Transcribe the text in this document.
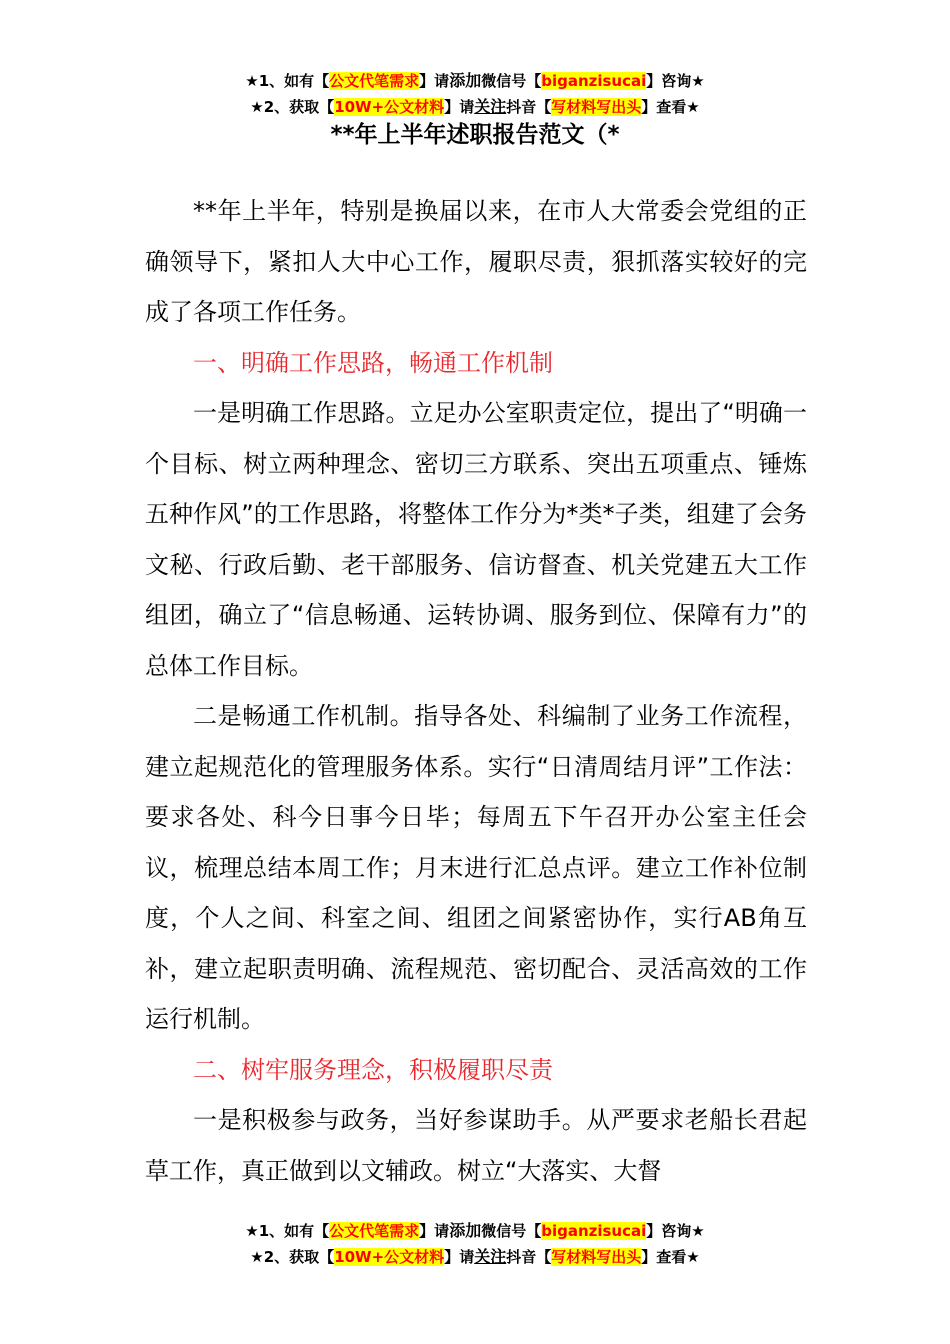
★1、如有【公文代笔需求】请添加微信号【biganzisucai】咨询★
★2、获取【10W+公文材料】请关注抖音【写材料写出头】查看★
**年上半年述职报告范文（*

**年上半年，特别是换届以来，在市人大常委会党组的正确领导下，紧扣人大中心工作，履职尽责，狠抓落实较好的完成了各项工作任务。

一、明确工作思路，畅通工作机制

一是明确工作思路。立足办公室职责定位，提出了“明确一个目标、树立两种理念、密切三方联系、突出五项重点、锤炼五种作风”的工作思路，将整体工作分为*类*子类，组建了会务文秘、行政后勤、老干部服务、信访督查、机关党建五大工作组团，确立了“信息畅通、运转协调、服务到位、保障有力”的总体工作目标。

二是畅通工作机制。指导各处、科编制了业务工作流程，建立起规范化的管理服务体系。实行“日清周结月评”工作法：要求各处、科今日事今日毕；每周五下午召开办公室主任会议，梳理总结本周工作；月末进行汇总点评。建立工作补位制度，个人之间、科室之间、组团之间紧密协作，实行AB角互补，建立起职责明确、流程规范、密切配合、灵活高效的工作运行机制。

二、树牢服务理念，积极履职尽责

一是积极参与政务，当好参谋助手。从严要求老船长君起草工作，真正做到以文辅政。树立“大落实、大督

★1、如有【公文代笔需求】请添加微信号【biganzisucai】咨询★
★2、获取【10W+公文材料】请关注抖音【写材料写出头】查看★
